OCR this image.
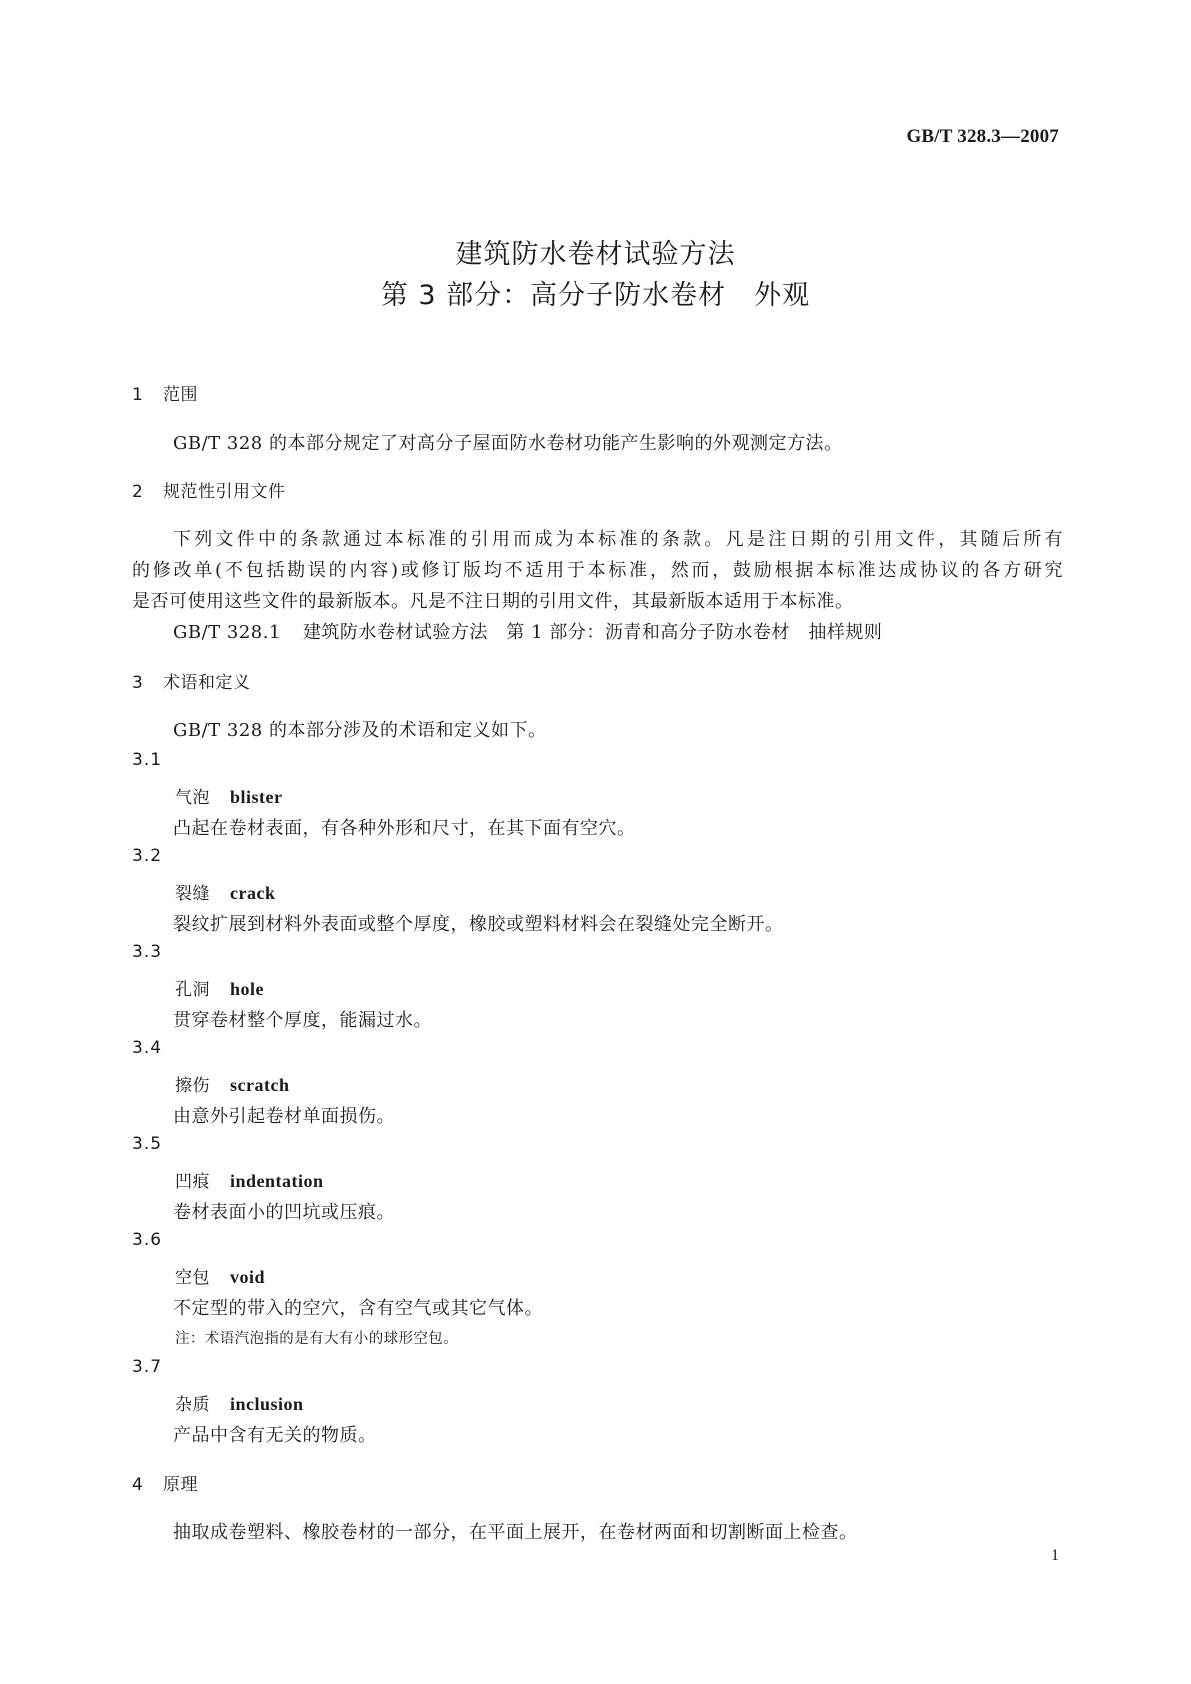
GB/T 328.3—2007
建筑防水卷材试验方法
第 3 部分：高分子防水卷材　外观
1 范围
GB/T 328 的本部分规定了对高分子屋面防水卷材功能产生影响的外观测定方法。
2 规范性引用文件
下列文件中的条款通过本标准的引用而成为本标准的条款。凡是注日期的引用文件，其随后所有
的修改单(不包括勘误的内容)或修订版均不适用于本标准，然而，鼓励根据本标准达成协议的各方研究
是否可使用这些文件的最新版本。凡是不注日期的引用文件，其最新版本适用于本标准。
GB/T 328.1 建筑防水卷材试验方法　第 1 部分：沥青和高分子防水卷材　抽样规则
3 术语和定义
GB/T 328 的本部分涉及的术语和定义如下。
3.1
气泡 blister
凸起在卷材表面，有各种外形和尺寸，在其下面有空穴。
3.2
裂缝 crack
裂纹扩展到材料外表面或整个厚度，橡胶或塑料材料会在裂缝处完全断开。
3.3
孔洞 hole
贯穿卷材整个厚度，能漏过水。
3.4
擦伤 scratch
由意外引起卷材单面损伤。
3.5
凹痕 indentation
卷材表面小的凹坑或压痕。
3.6
空包 void
不定型的带入的空穴，含有空气或其它气体。
注：术语汽泡指的是有大有小的球形空包。
3.7
杂质 inclusion
产品中含有无关的物质。
4 原理
抽取成卷塑料、橡胶卷材的一部分，在平面上展开，在卷材两面和切割断面上检查。
1
